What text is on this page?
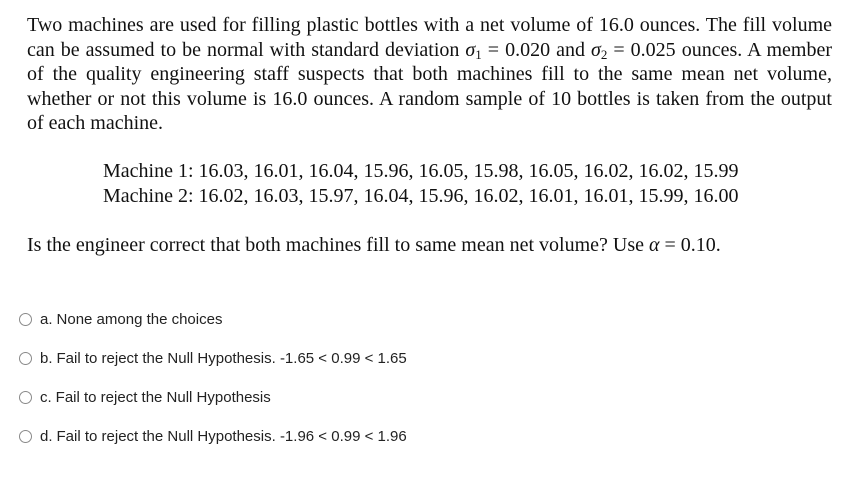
Two machines are used for filling plastic bottles with a net volume of 16.0 ounces. The fill volume can be assumed to be normal with standard deviation $\sigma_1 = 0.020$ and $\sigma_2 = 0.025$ ounces. A member of the quality engineering staff suspects that both machines fill to the same mean net volume, whether or not this volume is 16.0 ounces. A random sample of 10 bottles is taken from the output of each machine.
Machine 1: 16.03, 16.01, 16.04, 15.96, 16.05, 15.98, 16.05, 16.02, 16.02, 15.99
Machine 2: 16.02, 16.03, 15.97, 16.04, 15.96, 16.02, 16.01, 16.01, 15.99, 16.00
Is the engineer correct that both machines fill to same mean net volume? Use α = 0.10.
a. None among the choices
b. Fail to reject the Null Hypothesis. -1.65 < 0.99 < 1.65
c. Fail to reject the Null Hypothesis
d. Fail to reject the Null Hypothesis. -1.96 < 0.99 < 1.96
